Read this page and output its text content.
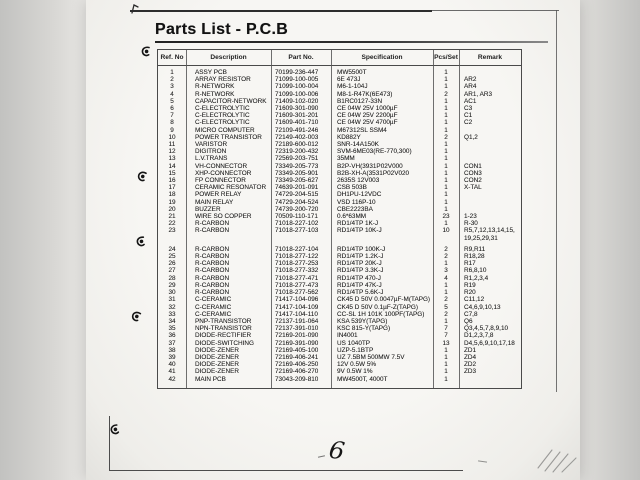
Parts List - P.C.B
Ref. No	Description	Part No.	Specification	Pcs/Set	Remark
1	ASSY PCB	70199-236-447	MW5500T	1
2	ARRAY RESISTOR	71099-100-005	6E 473J	1	AR2
3	R-NETWORK	71099-100-004	M6-1-104J	1	AR4
4	R-NETWORK	71099-100-006	M8-1-R47K(6E473)	2	AR1, AR3
5	CAPACITOR-NETWORK	71409-102-020	B1RC0127-33N	1	AC1
6	C-ELECTROLYTIC	71609-301-090	CE 04W 25V 1000µF	1	C3
7	C-ELECTROLYTIC	71609-301-201	CE 04W 25V 2200µF	1	C1
8	C-ELECTROLYTIC	71609-401-710	CE 04W 25V 4700µF	1	C2
9	MICRO COMPUTER	72109-491-246	M67312SL SSM4	1
10	POWER TRANSISTOR	72149-402-003	KD882Y	2	Q1,2
11	VARISTOR	72189-600-012	SNR-14A150K	1
12	DIGITRON	72319-200-432	SVM-6ME03(RE-770,300)	1
13	L.V.TRANS	72569-203-751	35MM	1
14	VH-CONNECTOR	73349-205-773	B2P-VH(3931P02V000	1	CON1
15	XHP-CONNECTOR	73349-205-901	B2B-XH-A(3531P02V020	1	CON3
16	FP CONNECTOR	73349-205-627	2635S 12V003	1	CON2
17	CERAMIC RESONATOR	74639-201-091	CSB 503B	1	X-TAL
18	POWER RELAY	74729-204-515	DH1PU-12VDC	1
19	MAIN RELAY	74729-204-524	VSD 116P-10	1
20	BUZZER	74739-200-720	CBE2223BA	1
21	WIRE SO COPPER	70509-110-171	0.6*63MM	23	1-23
22	R-CARBON	71018-227-102	RD1/4TP 1K-J	1	R-30
23	R-CARBON	71018-277-103	RD1/4TP 10K-J	10	R5,7,12,13,14,15,
19,25,29,31
24	R-CARBON	71018-227-104	RD1/4TP 100K-J	2	R9,R11
25	R-CARBON	71018-277-122	RD1/4TP 1.2K-J	2	R18,28
26	R-CARBON	71018-277-253	RD1/4TP 20K-J	1	R17
27	R-CARBON	71018-277-332	RD1/4TP 3.3K-J	3	R6,8,10
28	R-CARBON	71018-277-471	RD1/4TP 470-J	4	R1,2,3,4
29	R-CARBON	71018-277-473	RD1/4TP 47K-J	1	R19
30	R-CARBON	71018-277-562	RD1/4TP 5.6K-J	1	R20
31	C-CERAMIC	71417-104-096	CK45 D 50V 0.0047µF-M(TAPG)	2	C11,12
32	C-CERAMIC	71417-104-109	CK45 D 50V 0.1µF-Z(TAPG)	5	C4,6,9,10,13
33	C-CERAMIC	71417-104-110	CC-SL 1H 101K 100PF(TAPG)	2	C7,8
34	PNP-TRANSISTOR	72137-191-064	KSA 539Y(TAPG)	1	Q6
35	NPN-TRANSISTOR	72137-391-010	KSC 815-Y(TAPG)	7	Q3,4,5,7,8,9,10
36	DIODE-RECTIFIER	72169-201-090	IN4001	7	D1,2,3,7,8
37	DIODE-SWITCHING	72169-391-090	US 1040TP	13	D4,5,6,9,10,17,18
38	DIODE-ZENER	72169-405-100	UZP-5.1BTP	1	ZD1
39	DIODE-ZENER	72169-406-241	UZ 7.5BM 500MW 7.5V	1	ZD4
40	DIODE-ZENER	72169-406-250	12V 0.5W 5%	1	ZD2
41	DIODE-ZENER	72169-406-270	9V 0.5W 1%	1	ZD3
42	MAIN PCB	73043-209-810	MW4500T, 4000T	1
6
